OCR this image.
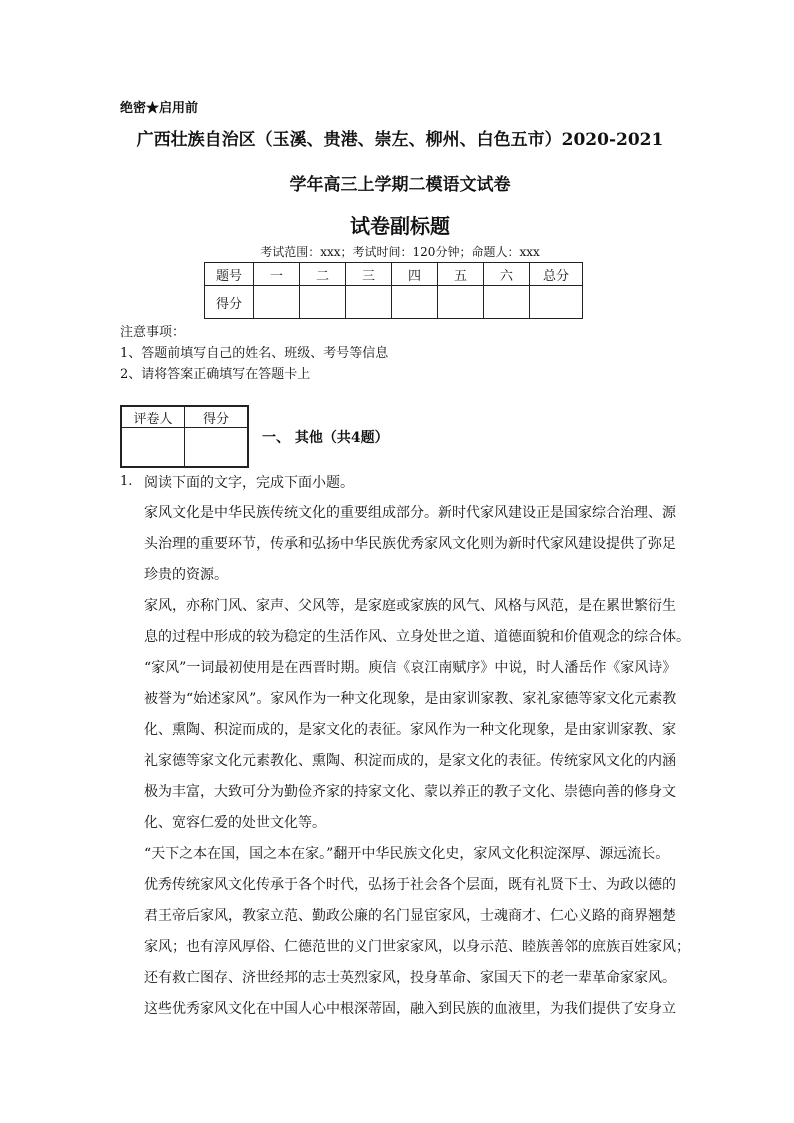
绝密★启用前
广西壮族自治区（玉溪、贵港、崇左、柳州、白色五市）2020-2021
学年高三上学期二模语文试卷
试卷副标题
考试范围：xxx；考试时间：120分钟；命题人：xxx
题号	一	二	三	四	五	六	总分
得分							
注意事项：
1、答题前填写自己的姓名、班级、考号等信息
2、请将答案正确填写在答题卡上
评卷人	得分

一、 其他（共4题）
1. 阅读下面的文字，完成下面小题。
家风文化是中华民族传统文化的重要组成部分。新时代家风建设正是国家综合治理、源
头治理的重要环节，传承和弘扬中华民族优秀家风文化则为新时代家风建设提供了弥足
珍贵的资源。
家风，亦称门风、家声、父风等，是家庭或家族的风气、风格与风范，是在累世繁衍生
息的过程中形成的较为稳定的生活作风、立身处世之道、道德面貌和价值观念的综合体。
“家风”一词最初使用是在西晋时期。庾信《哀江南赋序》中说，时人潘岳作《家风诗》
被誉为“始述家风”。家风作为一种文化现象，是由家训家教、家礼家德等家文化元素教
化、熏陶、积淀而成的，是家文化的表征。家风作为一种文化现象，是由家训家教、家
礼家德等家文化元素教化、熏陶、积淀而成的，是家文化的表征。传统家风文化的内涵
极为丰富，大致可分为勤俭齐家的持家文化、蒙以养正的教子文化、崇德向善的修身文
化、宽容仁爱的处世文化等。
“天下之本在国，国之本在家。”翻开中华民族文化史，家风文化积淀深厚、源远流长。
优秀传统家风文化传承于各个时代，弘扬于社会各个层面，既有礼贤下士、为政以德的
君王帝后家风，教家立范、勤政公廉的名门显宦家风，士魂商才、仁心义路的商界翘楚
家风；也有淳风厚俗、仁德范世的义门世家家风，以身示范、睦族善邻的庶族百姓家风；
还有救亡图存、济世经邦的志士英烈家风，投身革命、家国天下的老一辈革命家家风。
这些优秀家风文化在中国人心中根深蒂固，融入到民族的血液里，为我们提供了安身立
